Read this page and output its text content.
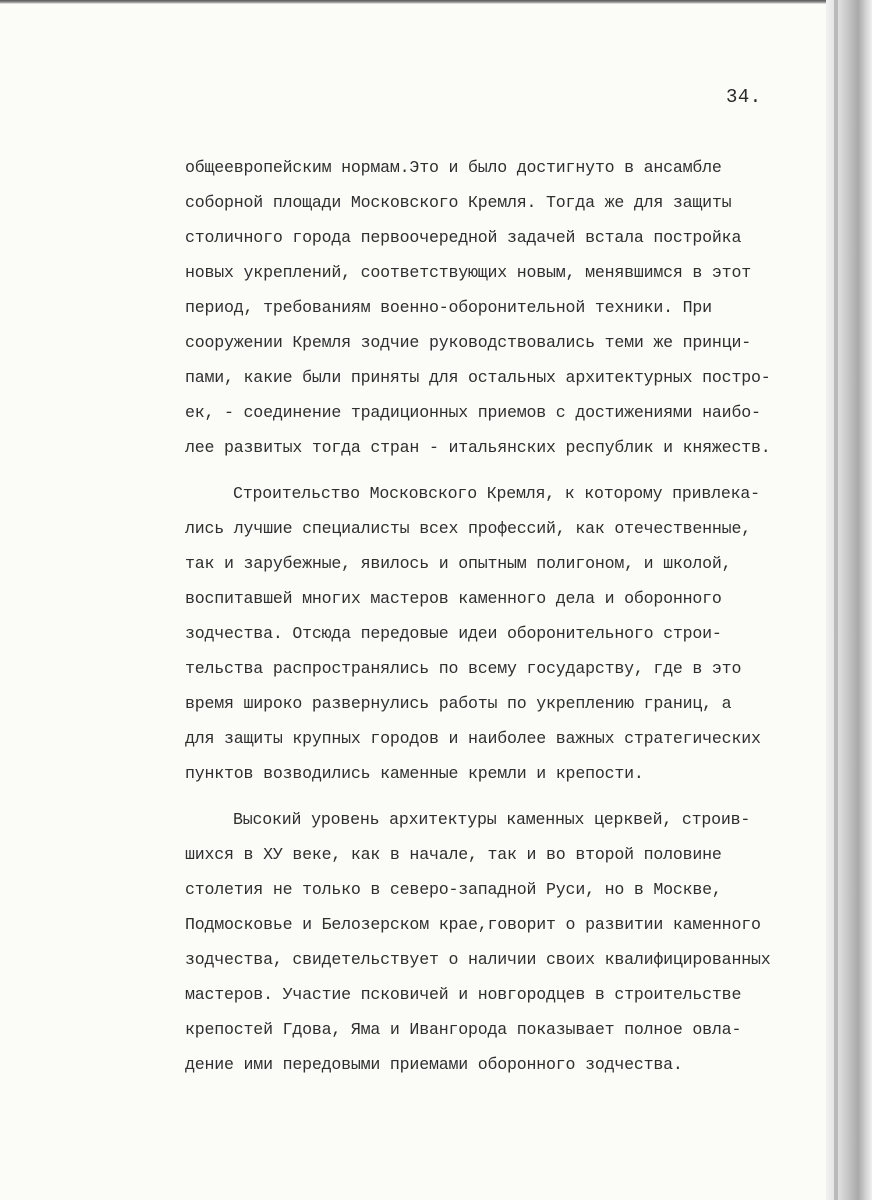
34.
общеевропейским нормам.Это и было достигнуто в ансамбле
соборной площади Московского Кремля. Тогда же для защиты
столичного города первоочередной задачей встала постройка
новых укреплений, соответствующих новым, менявшимся в этот
период, требованиям военно-оборонительной техники. При
сооружении Кремля зодчие руководствовались теми же принци-
пами, какие были приняты для остальных архитектурных постро-
ек, - соединение традиционных приемов с достижениями наибо-
лее развитых тогда стран - итальянских республик и княжеств.
Строительство Московского Кремля, к которому привлека-
лись лучшие специалисты всех профессий, как отечественные,
так и зарубежные, явилось и опытным полигоном, и школой,
воспитавшей многих мастеров каменного дела и оборонного
зодчества. Отсюда передовые идеи оборонительного строи-
тельства распространялись по всему государству, где в это
время широко развернулись работы по укреплению границ, а
для защиты крупных городов и наиболее важных стратегических
пунктов возводились каменные кремли и крепости.
Высокий уровень архитектуры каменных церквей, строив-
шихся в ХУ веке, как в начале, так и во второй половине
столетия не только в северо-западной Руси, но в Москве,
Подмосковье и Белозерском крае,говорит о развитии каменного
зодчества, свидетельствует о наличии своих квалифицированных
мастеров. Участие псковичей и новгородцев в строительстве
крепостей Гдова, Яма и Ивангорода показывает полное овла-
дение ими передовыми приемами оборонного зодчества.
